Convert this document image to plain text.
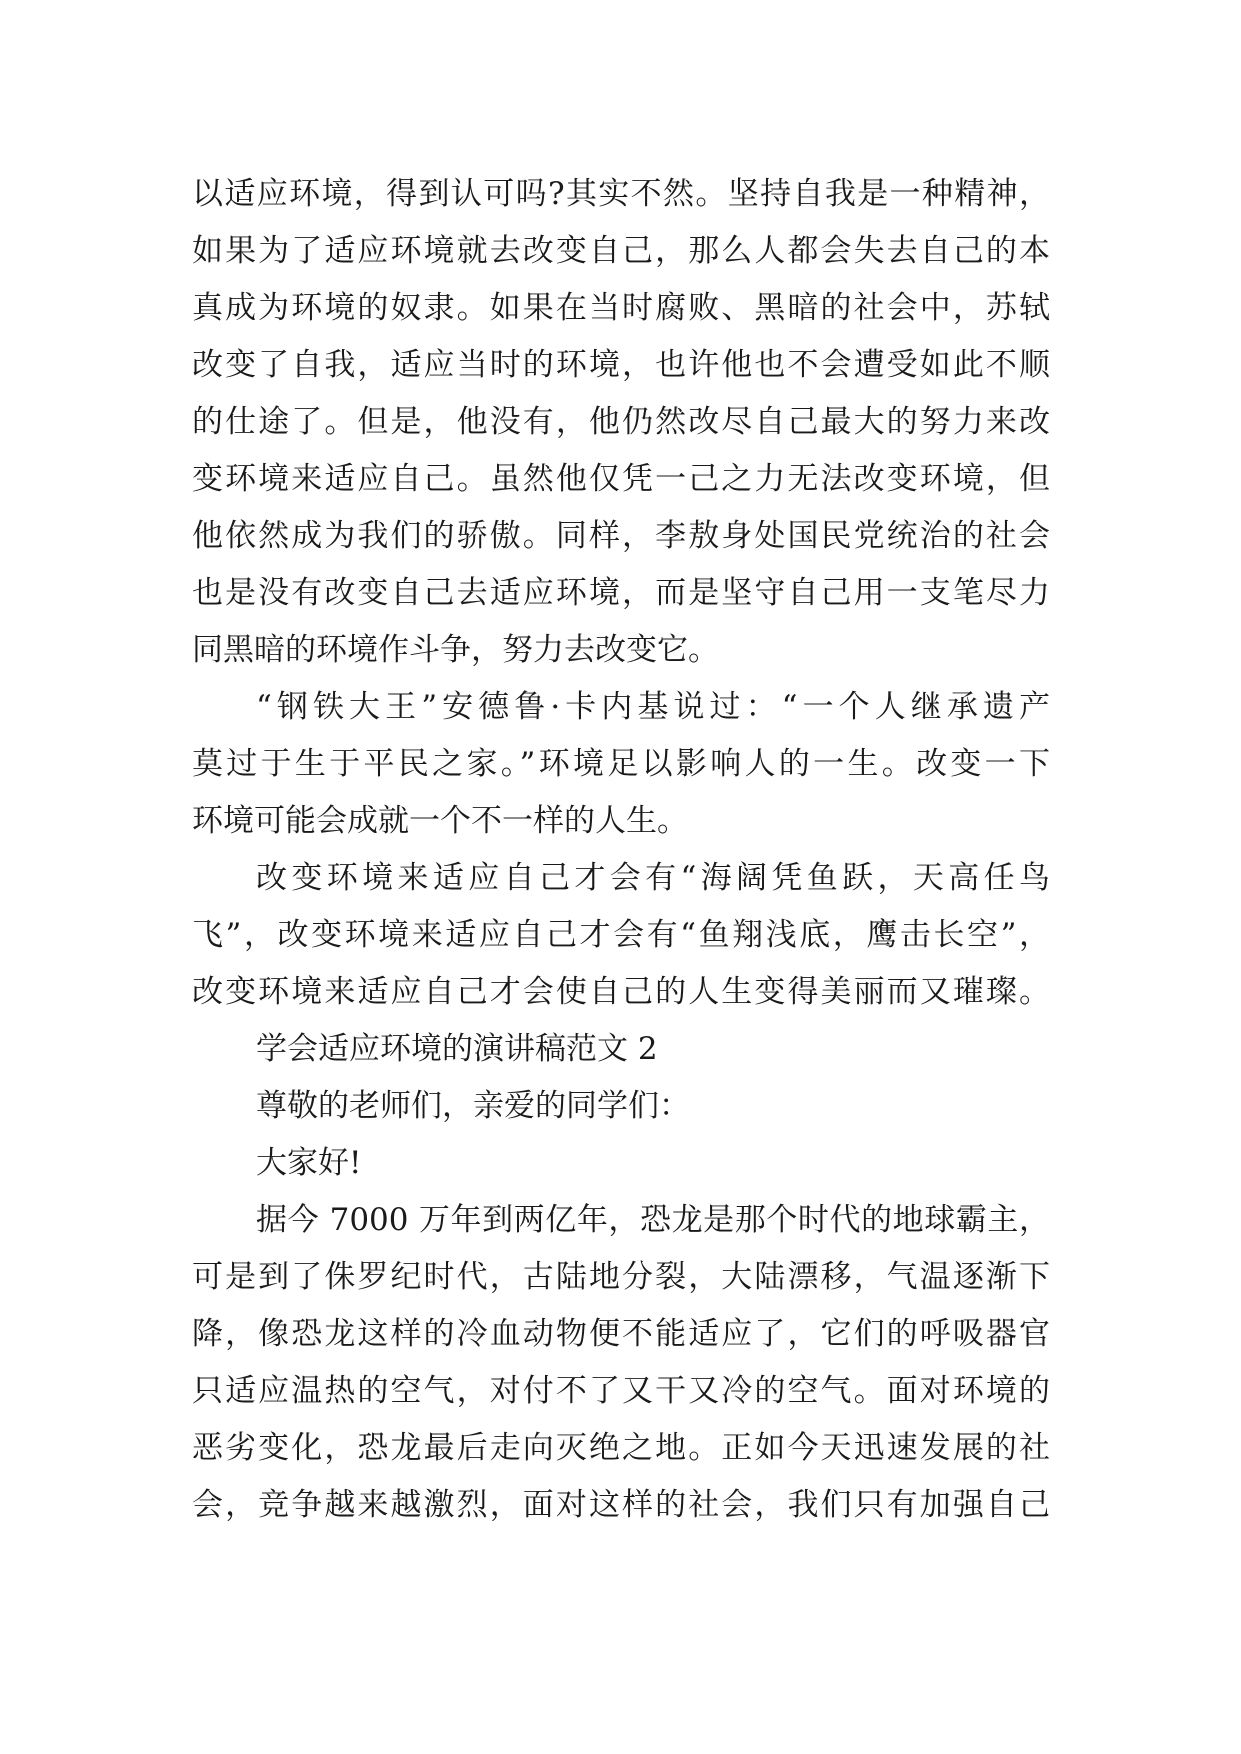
以适应环境，得到认可吗?其实不然。坚持自我是一种精神，
如果为了适应环境就去改变自己，那么人都会失去自己的本
真成为环境的奴隶。如果在当时腐败、黑暗的社会中，苏轼
改变了自我，适应当时的环境，也许他也不会遭受如此不顺
的仕途了。但是，他没有，他仍然改尽自己最大的努力来改
变环境来适应自己。虽然他仅凭一己之力无法改变环境，但
他依然成为我们的骄傲。同样，李敖身处国民党统治的社会
也是没有改变自己去适应环境，而是坚守自己用一支笔尽力
同黑暗的环境作斗争，努力去改变它。
“钢铁大王”安德鲁·卡内基说过：“一个人继承遗产
莫过于生于平民之家。”环境足以影响人的一生。改变一下
环境可能会成就一个不一样的人生。
改变环境来适应自己才会有“海阔凭鱼跃，天高任鸟
飞”，改变环境来适应自己才会有“鱼翔浅底，鹰击长空”，
改变环境来适应自己才会使自己的人生变得美丽而又璀璨。
学会适应环境的演讲稿范文 2
尊敬的老师们，亲爱的同学们：
大家好!
据今 7000 万年到两亿年，恐龙是那个时代的地球霸主，
可是到了侏罗纪时代，古陆地分裂，大陆漂移，气温逐渐下
降，像恐龙这样的冷血动物便不能适应了，它们的呼吸器官
只适应温热的空气，对付不了又干又冷的空气。面对环境的
恶劣变化，恐龙最后走向灭绝之地。正如今天迅速发展的社
会，竞争越来越激烈，面对这样的社会，我们只有加强自己
